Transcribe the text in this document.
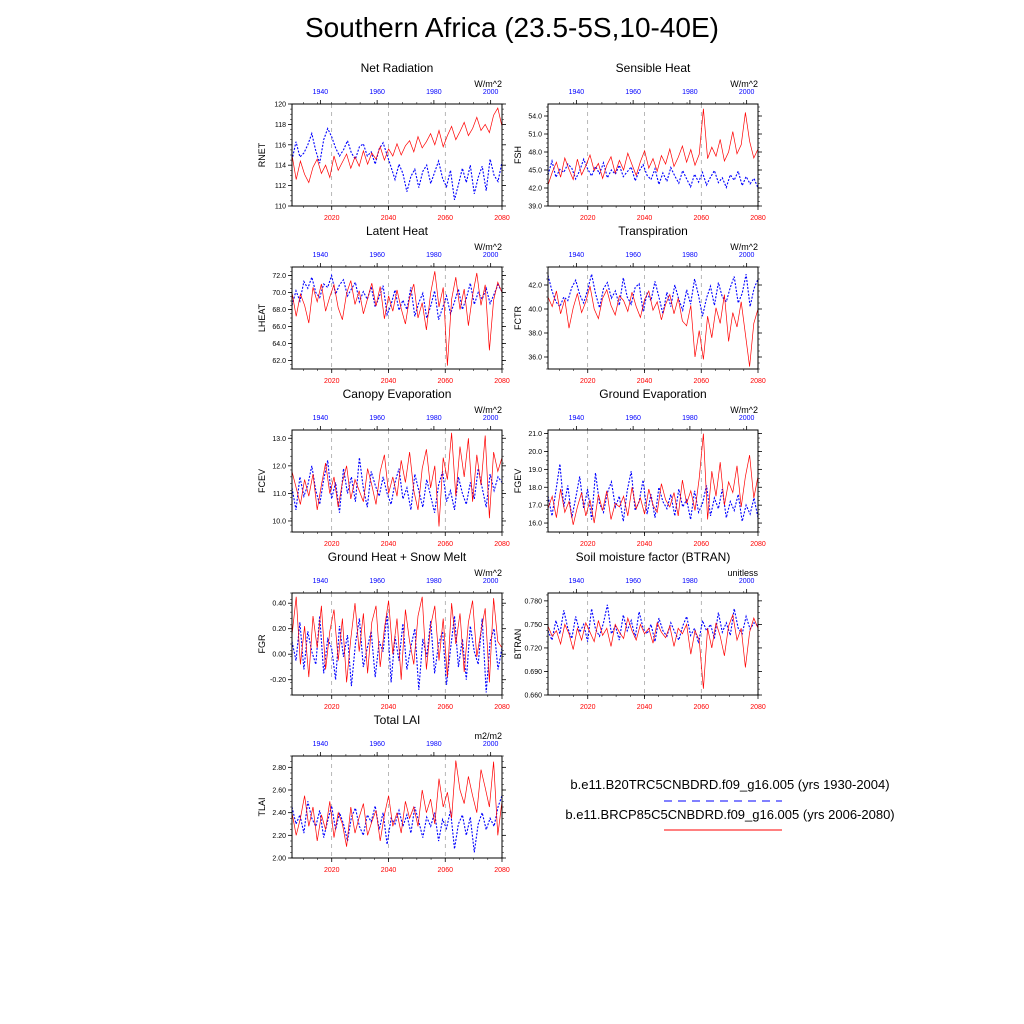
Southern Africa (23.5-5S,10-40E)
Net Radiation
W/m^2
RNET
110
112
114
116
118
120
2020	2040	2060	2080
1940	1960	1980	2000
Sensible Heat
W/m^2
FSH
39.0
42.0
45.0
48.0
51.0
54.0
2020	2040	2060	2080
1940	1960	1980	2000
Latent Heat
W/m^2
LHEAT
62.0
64.0
66.0
68.0
70.0
72.0
2020	2040	2060	2080
1940	1960	1980	2000
Transpiration
W/m^2
FCTR
36.0
38.0
40.0
42.0
2020	2040	2060	2080
1940	1960	1980	2000
Canopy Evaporation
W/m^2
FCEV
10.0
11.0
12.0
13.0
2020	2040	2060	2080
1940	1960	1980	2000
Ground Evaporation
W/m^2
FGEV
16.0
17.0
18.0
19.0
20.0
21.0
2020	2040	2060	2080
1940	1960	1980	2000
Ground Heat + Snow Melt
W/m^2
FGR
-0.20
0.00
0.20
0.40
2020	2040	2060	2080
1940	1960	1980	2000
Soil moisture factor (BTRAN)
unitless
BTRAN
0.660
0.690
0.720
0.750
0.780
2020	2040	2060	2080
1940	1960	1980	2000
Total LAI
m2/m2
TLAI
2.00
2.20
2.40
2.60
2.80
2020	2040	2060	2080
1940	1960	1980	2000
b.e11.B20TRC5CNBDRD.f09_g16.005 (yrs 1930-2004)
b.e11.BRCP85C5CNBDRD.f09_g16.005 (yrs 2006-2080)
